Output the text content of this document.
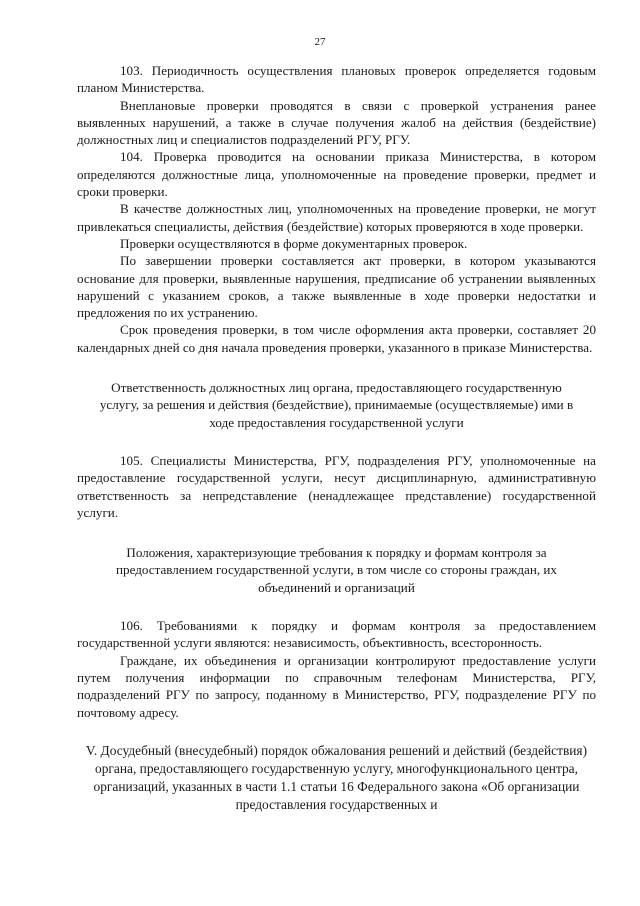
27

103. Периодичность осуществления плановых проверок определяется годовым планом Министерства.

Внеплановые проверки проводятся в связи с проверкой устранения ранее выявленных нарушений, а также в случае получения жалоб на действия (бездействие) должностных лиц и специалистов подразделений РГУ, РГУ.

104. Проверка проводится на основании приказа Министерства, в котором определяются должностные лица, уполномоченные на проведение проверки, предмет и сроки проверки.

В качестве должностных лиц, уполномоченных на проведение проверки, не могут привлекаться специалисты, действия (бездействие) которых проверяются в ходе проверки.

Проверки осуществляются в форме документарных проверок.

По завершении проверки составляется акт проверки, в котором указываются основание для проверки, выявленные нарушения, предписание об устранении выявленных нарушений с указанием сроков, а также выявленные в ходе проверки недостатки и предложения по их устранению.

Срок проведения проверки, в том числе оформления акта проверки, составляет 20 календарных дней со дня начала проведения проверки, указанного в приказе Министерства.

Ответственность должностных лиц органа, предоставляющего государственную услугу, за решения и действия (бездействие), принимаемые (осуществляемые) ими в ходе предоставления государственной услуги

105. Специалисты Министерства, РГУ, подразделения РГУ, уполномоченные на предоставление государственной услуги, несут дисциплинарную, административную ответственность за непредставление (ненадлежащее представление) государственной услуги.

Положения, характеризующие требования к порядку и формам контроля за предоставлением государственной услуги, в том числе со стороны граждан, их объединений и организаций

106. Требованиями к порядку и формам контроля за предоставлением государственной услуги являются: независимость, объективность, всесторонность.

Граждане, их объединения и организации контролируют предоставление услуги путем получения информации по справочным телефонам Министерства, РГУ, подразделений РГУ по запросу, поданному в Министерство, РГУ, подразделение РГУ по почтовому адресу.

V. Досудебный (внесудебный) порядок обжалования решений и действий (бездействия) органа, предоставляющего государственную услугу, многофункционального центра, организаций, указанных в части 1.1 статьи 16 Федерального закона «Об организации предоставления государственных и
